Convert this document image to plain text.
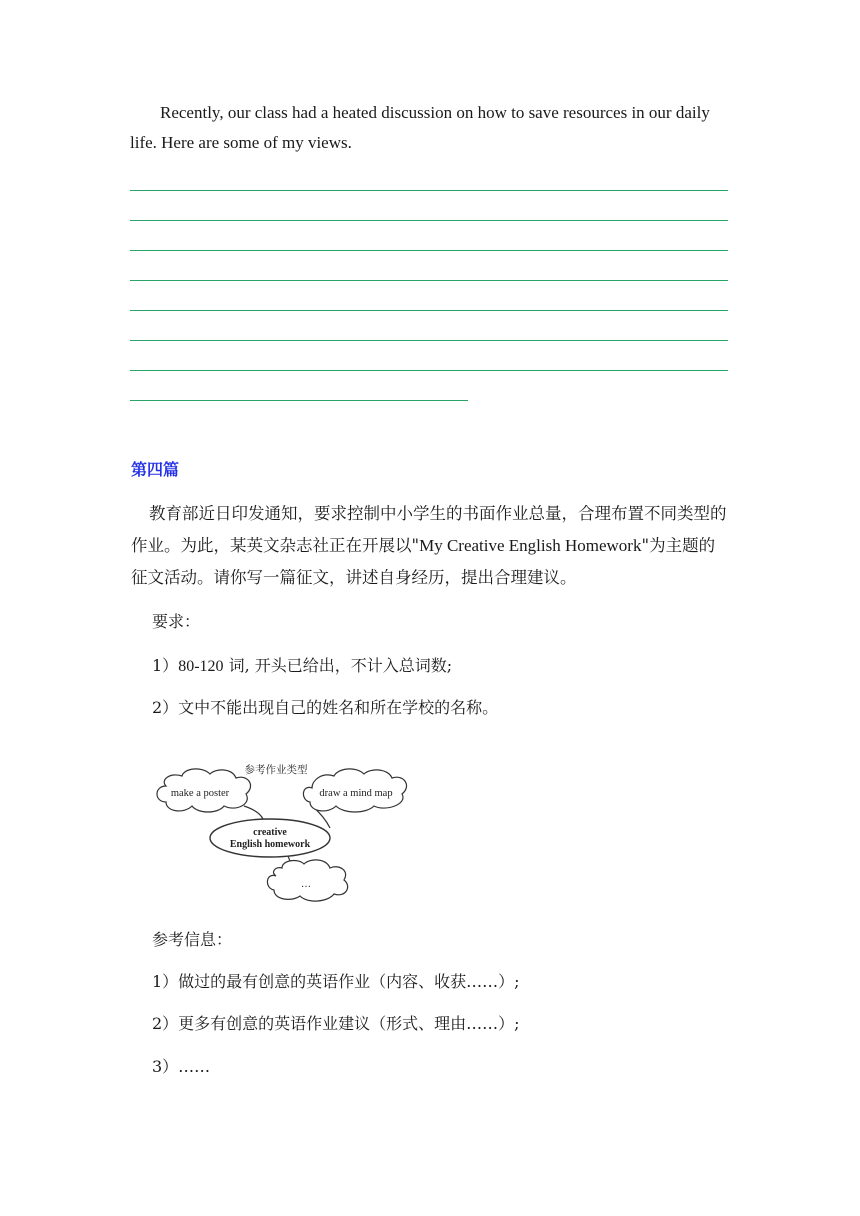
Recently, our class had a heated discussion on how to save resources in our daily life. Here are some of my views.

第四篇

教育部近日印发通知，要求控制中小学生的书面作业总量，合理布置不同类型的作业。为此，某英文杂志社正在开展以"My Creative English Homework"为主题的征文活动。请你写一篇征文，讲述自身经历，提出合理建议。

要求：

1）80-120 词, 开头已给出，不计入总词数;

2）文中不能出现自己的姓名和所在学校的名称。

make a poster	draw a mind map
参考作业类型
creative
English homework
…

参考信息：

1）做过的最有创意的英语作业（内容、收获……）;

2）更多有创意的英语作业建议（形式、理由……）;

3）……
